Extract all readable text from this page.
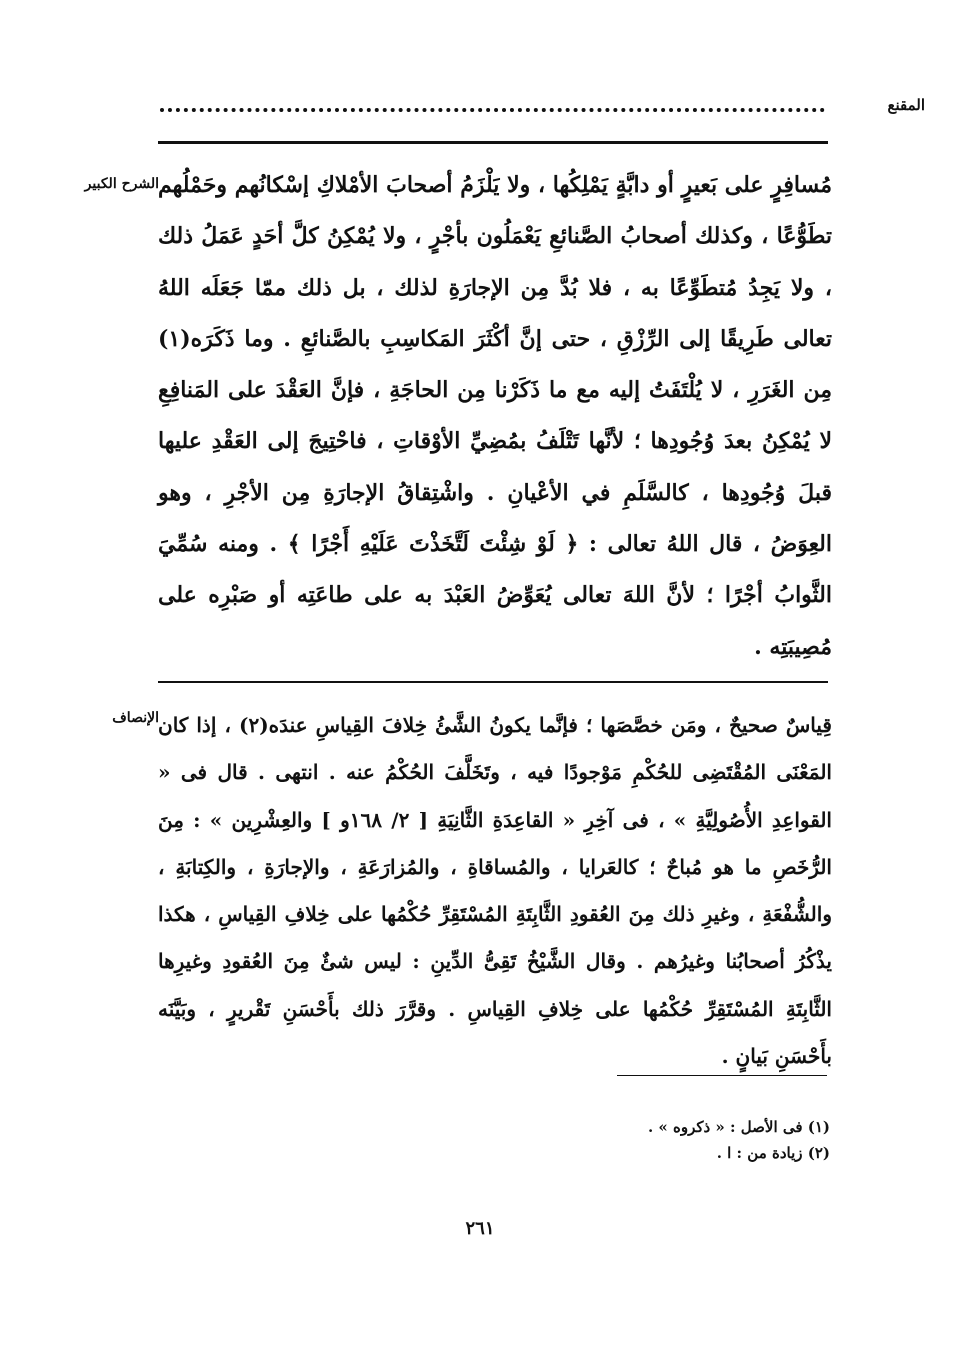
المقنع
الشرح الكبير مُسافِرٍ على بَعيرٍ أو دابَّةٍ يَمْلِكُها ، ولا يَلْزَمُ أصحابَ الأمْلاكِ إسْكانُهم وحَمْلُهم تطَوُّعًا ، وكذلك أصحابُ الصَّنائعِ يَعْمَلُون بأجْرٍ ، ولا يُمْكِنُ كلَّ أحَدٍ عَمَلُ ذلك ، ولا يَجِدُ مُتطَوِّعًا به ، فلا بُدَّ مِن الإجارَةِ لذلك ، بل ذلك ممّا جَعَلَه اللهُ تعالى طَرِيقًا إلى الرِّزْقِ ، حتى إنَّ أكْثَرَ المَكاسِبِ بالصَّنائعِ . وما ذَكَرَه(١) مِن الغَرَرِ ، لا يُلْتَفَتُ إليه مع ما ذَكَرْنا مِن الحاجَةِ ، فإنَّ العَقْدَ على المَنافِعِ لا يُمْكِنُ بعدَ وُجُودِها ؛ لأنَّها تَتْلَفُ بمُضِيِّ الأوْقاتِ ، فاحْتِيجَ إلى العَقْدِ عليها قبلَ وُجُودِها ، كالسَّلَمِ في الأعْيانِ . واشْتِقاقُ الإجارَةِ مِن الأجْرِ ، وهو العِوَضُ ، قال اللهُ تعالى : ﴿ لَوْ شِئْتَ لَتَّخَذْتَ عَلَيْهِ أَجْرًا ﴾ . ومنه سُمِّيَ الثَّوابُ أجْرًا ؛ لأنَّ اللهَ تعالى يُعَوِّضُ العَبْدَ به على طاعَتِه أو صَبْرِه على مُصِيبَتِه .

الإنصاف قِياسٌ صحيحٌ ، ومَن خصَّصَها ؛ فإنَّما يكونُ الشَّئُ خِلافَ القِياسِ عندَه(٢) ، إذا كان المَعْنَى المُقْتَضِى للحُكْمِ مَوْجودًا فيه ، وتَخَلَّفَ الحُكْمُ عنه . انتهى . قال فى « القواعِدِ الأُصُولِيَّةِ » ، فى آخِرِ « القاعِدَةِ الثَّانِيَةِ [ ٢/ ١٦٨و ] والعِشْرِين » : مِنَ الرُّخَصِ ما هو مُباحٌ ؛ كالعَرايا ، والمُساقاةِ ، والمُزارَعَةِ ، والإجارَةِ ، والكِتابَةِ ، والشُّفْعَةِ ، وغيرِ ذلك مِنَ العُقودِ الثَّابِتَةِ المُسْتَقِرِّ حُكْمُها على خِلافِ القِياسِ ، هكذا يذْكُرُ أصحابُنا وغيرُهم . وقال الشَّيْخُ تَقِىُّ الدِّينِ : ليس شئٌ مِنَ العُقودِ وغيرِها الثَّابِتَةِ المُسْتَقِرِّ حُكْمُها على خِلافِ القِياسِ . وقرَّرَ ذلك بأَحْسَنِ تَقْريرٍ ، وبَيَّنَه بأَحْسَنِ بَيانٍ .

(١) فى الأصل : « ذكروه » .
(٢) زيادة من : ا .
٢٦١
